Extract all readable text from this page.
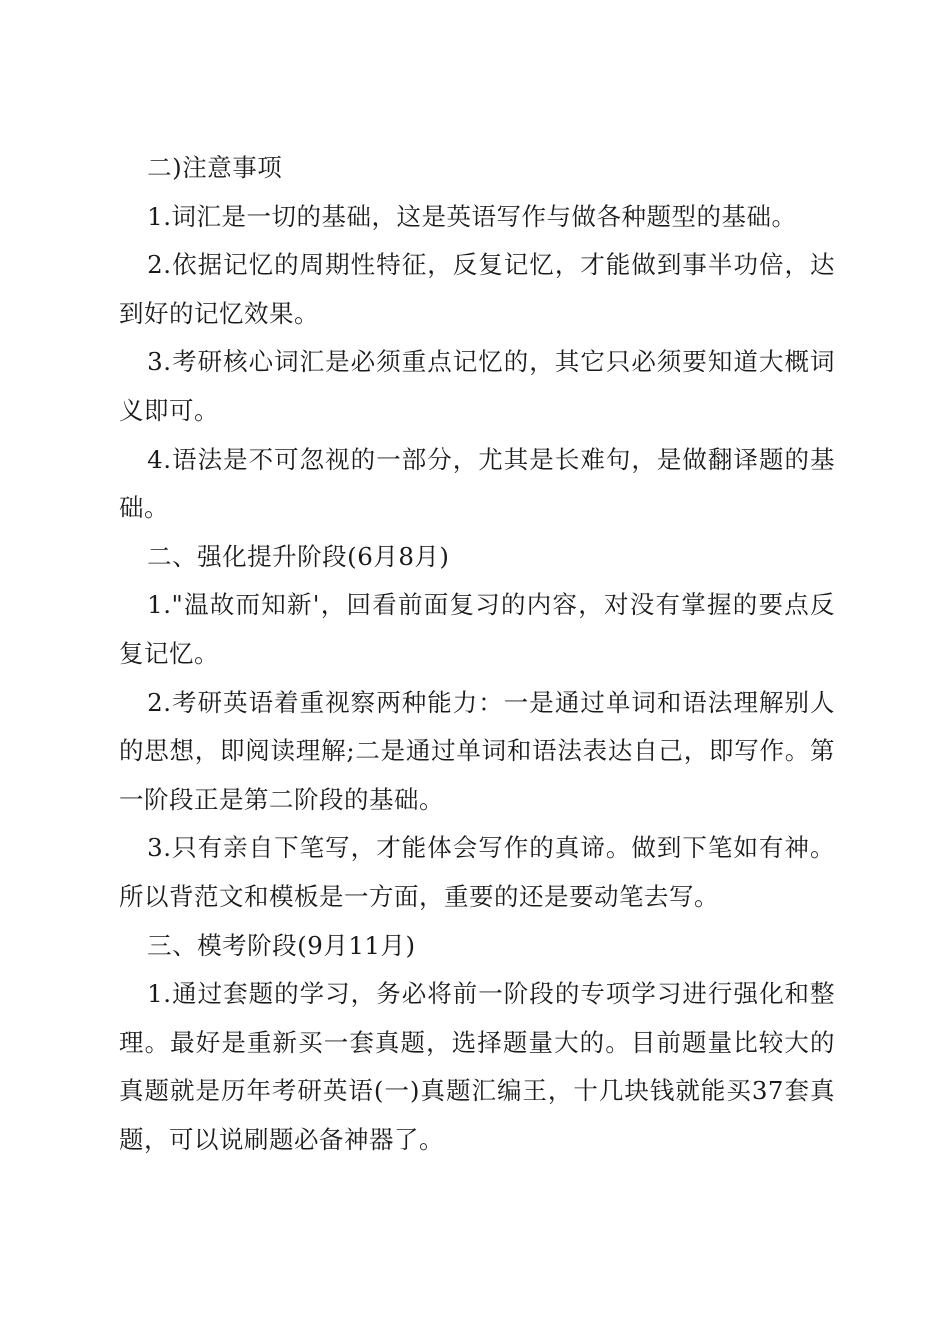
二)注意事项

1.词汇是一切的基础，这是英语写作与做各种题型的基础。

2.依据记忆的周期性特征，反复记忆，才能做到事半功倍，达到好的记忆效果。

3.考研核心词汇是必须重点记忆的，其它只必须要知道大概词义即可。

4.语法是不可忽视的一部分，尤其是长难句，是做翻译题的基础。

二、强化提升阶段(6月8月)

1."温故而知新'，回看前面复习的内容，对没有掌握的要点反复记忆。

2.考研英语着重视察两种能力：一是通过单词和语法理解别人的思想，即阅读理解;二是通过单词和语法表达自己，即写作。第一阶段正是第二阶段的基础。

3.只有亲自下笔写，才能体会写作的真谛。做到下笔如有神。所以背范文和模板是一方面，重要的还是要动笔去写。

三、模考阶段(9月11月)

1.通过套题的学习，务必将前一阶段的专项学习进行强化和整理。最好是重新买一套真题，选择题量大的。目前题量比较大的真题就是历年考研英语(一)真题汇编王，十几块钱就能买37套真题，可以说刷题必备神器了。
